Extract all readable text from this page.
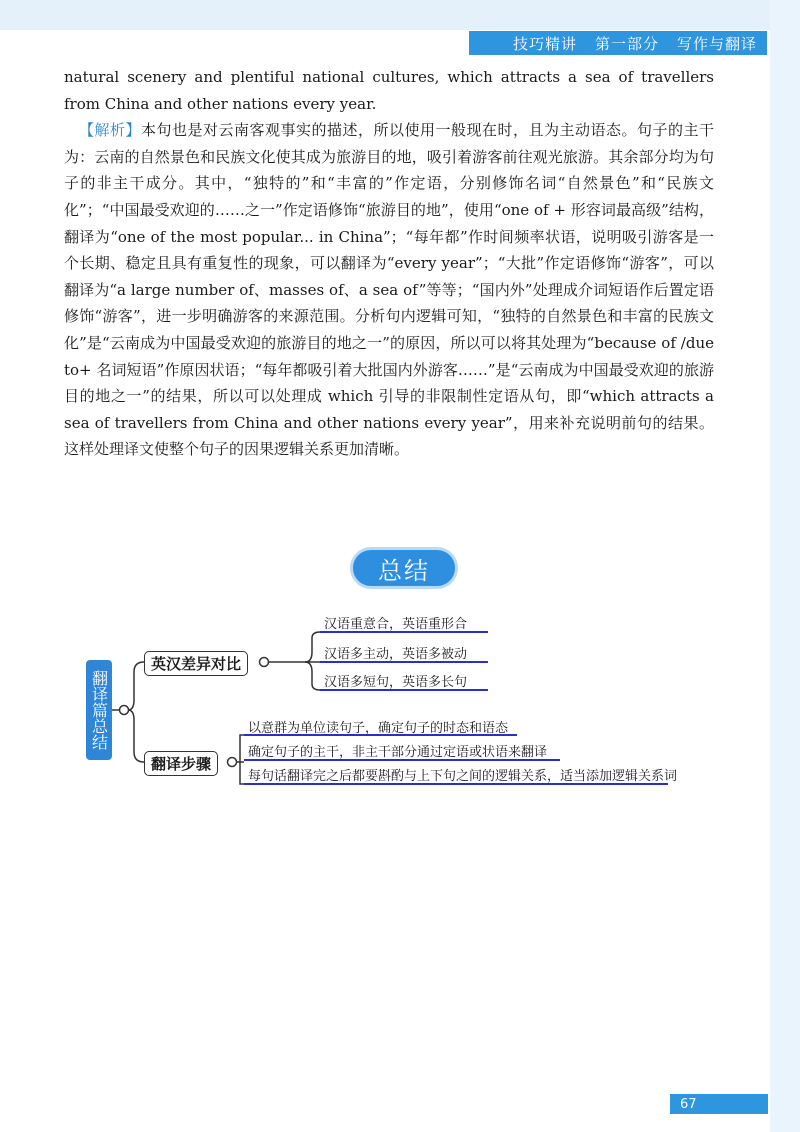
技巧精讲 第一部分 写作与翻译

natural scenery and plentiful national cultures, which attracts a sea of travellers from China and other nations every year.

【解析】本句也是对云南客观事实的描述，所以使用一般现在时，且为主动语态。句子的主干为：云南的自然景色和民族文化使其成为旅游目的地，吸引着游客前往观光旅游。其余部分均为句子的非主干成分。其中，“独特的”和“丰富的”作定语，分别修饰名词“自然景色”和“民族文化”；“中国最受欢迎的……之一”作定语修饰“旅游目的地”，使用“one of + 形容词最高级”结构，翻译为“one of the most popular... in China”；“每年都”作时间频率状语，说明吸引游客是一个长期、稳定且具有重复性的现象，可以翻译为“every year”；“大批”作定语修饰“游客”，可以翻译为“a large number of、masses of、a sea of”等等；“国内外”处理成介词短语作后置定语修饰“游客”，进一步明确游客的来源范围。分析句内逻辑可知，“独特的自然景色和丰富的民族文化”是“云南成为中国最受欢迎的旅游目的地之一”的原因，所以可以将其处理为“because of /due to+ 名词短语”作原因状语；“每年都吸引着大批国内外游客……”是“云南成为中国最受欢迎的旅游目的地之一”的结果，所以可以处理成 which 引导的非限制性定语从句，即“which attracts a sea of travellers from China and other nations every year”，用来补充说明前句的结果。这样处理译文使整个句子的因果逻辑关系更加清晰。

总结
翻译篇总结
英汉差异对比
汉语重意合，英语重形合
汉语多主动，英语多被动
汉语多短句，英语多长句
翻译步骤
以意群为单位读句子，确定句子的时态和语态
确定句子的主干，非主干部分通过定语或状语来翻译
每句话翻译完之后都要斟酌与上下句之间的逻辑关系，适当添加逻辑关系词
67
